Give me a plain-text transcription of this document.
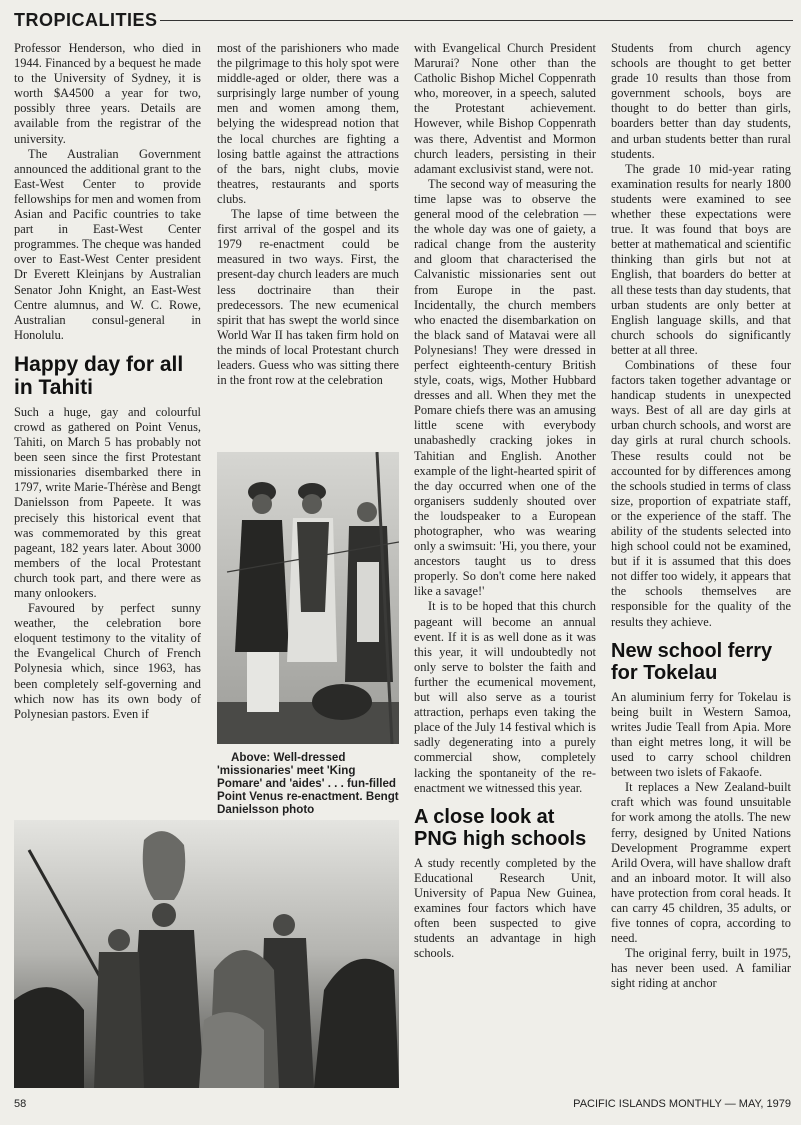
TROPICALITIES

Professor Henderson, who died in 1944. Financed by a bequest he made to the University of Sydney, it is worth $A4500 a year for two, possibly three years. Details are available from the registrar of the university.

The Australian Government announced the additional grant to the East-West Center to provide fellowships for men and women from Asian and Pacific countries to take part in East-West Center programmes. The cheque was handed over to East-West Center president Dr Everett Kleinjans by Australian Senator John Knight, an East-West Centre alumnus, and W. C. Rowe, Australian consul-general in Honolulu.

Happy day for all in Tahiti

Such a huge, gay and colourful crowd as gathered on Point Venus, Tahiti, on March 5 has probably not been seen since the first Protestant missionaries disembarked there in 1797, write Marie-Thérèse and Bengt Danielsson from Papeete. It was precisely this historical event that was commemorated by this great pageant, 182 years later. About 3000 members of the local Protestant church took part, and there were as many onlookers.

Favoured by perfect sunny weather, the celebration bore eloquent testimony to the vitality of the Evangelical Church of French Polynesia which, since 1963, has been completely self-governing and which now has its own body of Polynesian pastors. Even if

most of the parishioners who made the pilgrimage to this holy spot were middle-aged or older, there was a surprisingly large number of young men and women among them, belying the widespread notion that the local churches are fighting a losing battle against the attractions of the bars, night clubs, movie theatres, restaurants and sports clubs.

The lapse of time between the first arrival of the gospel and its 1979 re-enactment could be measured in two ways. First, the present-day church leaders are much less doctrinaire than their predecessors. The new ecumenical spirit that has swept the world since World War II has taken firm hold on the minds of local Protestant church leaders. Guess who was sitting there in the front row at the celebration

Above: Well-dressed 'missionaries' meet 'King Pomare' and 'aides' . . . fun-filled Point Venus re-enactment. Bengt Danielsson photo

with Evangelical Church President Marurai? None other than the Catholic Bishop Michel Coppenrath who, moreover, in a speech, saluted the Protestant achievement. However, while Bishop Coppenrath was there, Adventist and Mormon church leaders, persisting in their adamant exclusivist stand, were not.

The second way of measuring the time lapse was to observe the general mood of the celebration — the whole day was one of gaiety, a radical change from the austerity and gloom that characterised the Calvanistic missionaries sent out from Europe in the past. Incidentally, the church members who enacted the disembarkation on the black sand of Matavai were all Polynesians! They were dressed in perfect eighteenth-century British style, coats, wigs, Mother Hubbard dresses and all. When they met the Pomare chiefs there was an amusing little scene with everybody unabashedly cracking jokes in Tahitian and English. Another example of the light-hearted spirit of the day occurred when one of the organisers suddenly shouted over the loudspeaker to a European photographer, who was wearing only a swimsuit: 'Hi, you there, your ancestors taught us to dress properly. So don't come here naked like a savage!'

It is to be hoped that this church pageant will become an annual event. If it is as well done as it was this year, it will undoubtedly not only serve to bolster the faith and further the ecumenical movement, but will also serve as a tourist attraction, perhaps even taking the place of the July 14 festival which is sadly degenerating into a purely commercial show, completely lacking the spontaneity of the re-enactment we witnessed this year.

A close look at PNG high schools

A study recently completed by the Educational Research Unit, University of Papua New Guinea, examines four factors which have often been suspected to give students an advantage in high schools.

Students from church agency schools are thought to get better grade 10 results than those from government schools, boys are thought to do better than girls, boarders better than day students, and urban students better than rural students.

The grade 10 mid-year rating examination results for nearly 1800 students were examined to see whether these expectations were true. It was found that boys are better at mathematical and scientific thinking than girls but not at English, that boarders do better at all these tests than day students, that urban students are only better at English language skills, and that church schools do significantly better at all three.

Combinations of these four factors taken together advantage or handicap students in unexpected ways. Best of all are day girls at urban church schools, and worst are day girls at rural church schools. These results could not be accounted for by differences among the schools studied in terms of class size, proportion of expatriate staff, or the experience of the staff. The ability of the students selected into high school could not be examined, but if it is assumed that this does not differ too widely, it appears that the schools themselves are responsible for the quality of the results they achieve.

New school ferry for Tokelau

An aluminium ferry for Tokelau is being built in Western Samoa, writes Judie Teall from Apia. More than eight metres long, it will be used to carry school children between two islets of Fakaofe.

It replaces a New Zealand-built craft which was found unsuitable for work among the atolls. The new ferry, designed by United Nations Development Programme expert Arild Overa, will have shallow draft and an inboard motor. It will also have protection from coral heads. It can carry 45 children, 35 adults, or five tonnes of copra, according to need.

The original ferry, built in 1975, has never been used. A familiar sight riding at anchor

58	PACIFIC ISLANDS MONTHLY — MAY, 1979
